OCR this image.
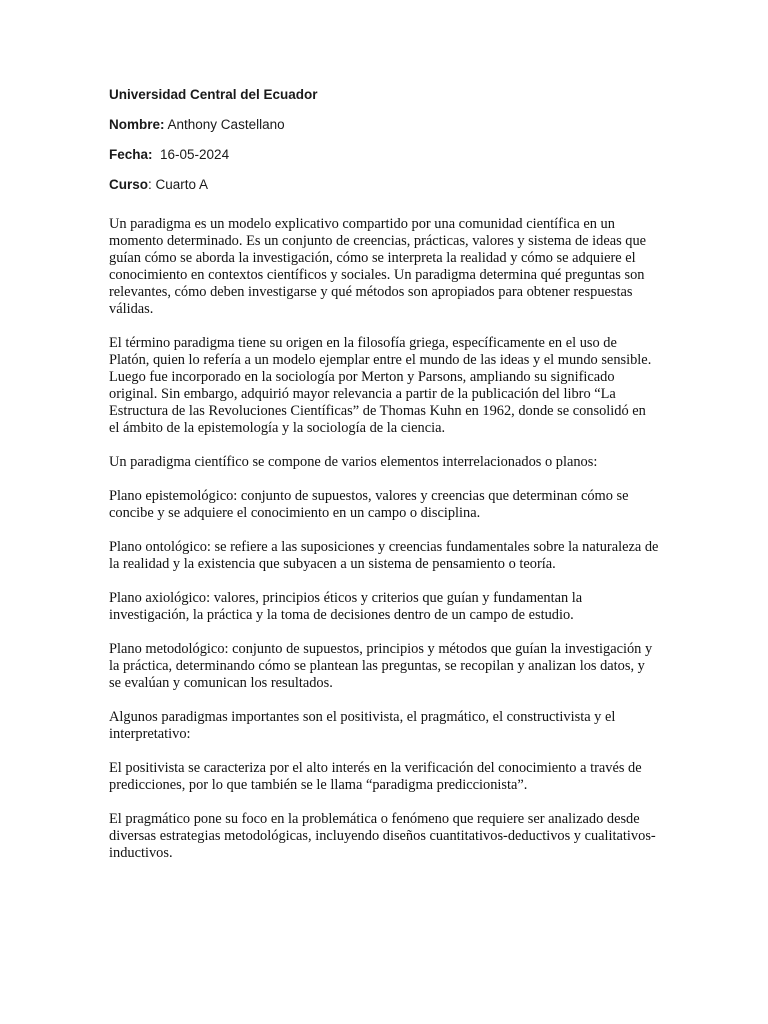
Universidad Central del Ecuador
Nombre: Anthony Castellano
Fecha:  16-05-2024
Curso: Cuarto A

Un paradigma es un modelo explicativo compartido por una comunidad científica en un momento determinado. Es un conjunto de creencias, prácticas, valores y sistema de ideas que guían cómo se aborda la investigación, cómo se interpreta la realidad y cómo se adquiere el conocimiento en contextos científicos y sociales. Un paradigma determina qué preguntas son relevantes, cómo deben investigarse y qué métodos son apropiados para obtener respuestas válidas.

El término paradigma tiene su origen en la filosofía griega, específicamente en el uso de Platón, quien lo refería a un modelo ejemplar entre el mundo de las ideas y el mundo sensible. Luego fue incorporado en la sociología por Merton y Parsons, ampliando su significado original. Sin embargo, adquirió mayor relevancia a partir de la publicación del libro “La Estructura de las Revoluciones Científicas” de Thomas Kuhn en 1962, donde se consolidó en el ámbito de la epistemología y la sociología de la ciencia.

Un paradigma científico se compone de varios elementos interrelacionados o planos:

Plano epistemológico: conjunto de supuestos, valores y creencias que determinan cómo se concibe y se adquiere el conocimiento en un campo o disciplina.

Plano ontológico: se refiere a las suposiciones y creencias fundamentales sobre la naturaleza de la realidad y la existencia que subyacen a un sistema de pensamiento o teoría.

Plano axiológico: valores, principios éticos y criterios que guían y fundamentan la investigación, la práctica y la toma de decisiones dentro de un campo de estudio.

Plano metodológico: conjunto de supuestos, principios y métodos que guían la investigación y la práctica, determinando cómo se plantean las preguntas, se recopilan y analizan los datos, y se evalúan y comunican los resultados.

Algunos paradigmas importantes son el positivista, el pragmático, el constructivista y el interpretativo:

El positivista se caracteriza por el alto interés en la verificación del conocimiento a través de predicciones, por lo que también se le llama “paradigma prediccionista”.

El pragmático pone su foco en la problemática o fenómeno que requiere ser analizado desde diversas estrategias metodológicas, incluyendo diseños cuantitativos-deductivos y cualitativos-inductivos.
